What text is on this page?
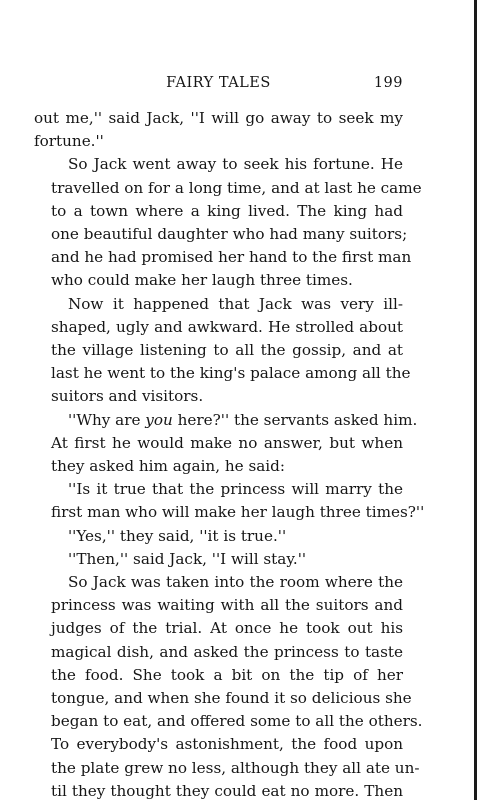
FAIRY TALES	199
out me,'' said Jack, ''I will go away to seek my
fortune.''
So Jack went away to seek his fortune. He
travelled on for a long time, and at last he came
to a town where a king lived. The king had
one beautiful daughter who had many suitors;
and he had promised her hand to the first man
who could make her laugh three times.
Now it happened that Jack was very ill-
shaped, ugly and awkward. He strolled about
the village listening to all the gossip, and at
last he went to the king's palace among all the
suitors and visitors.
''Why are you here?'' the servants asked him.
At first he would make no answer, but when
they asked him again, he said:
''Is it true that the princess will marry the
first man who will make her laugh three times?''
''Yes,'' they said, ''it is true.''
''Then,'' said Jack, ''I will stay.''
So Jack was taken into the room where the
princess was waiting with all the suitors and
judges of the trial. At once he took out his
magical dish, and asked the princess to taste
the food. She took a bit on the tip of her
tongue, and when she found it so delicious she
began to eat, and offered some to all the others.
To everybody's astonishment, the food upon
the plate grew no less, although they all ate un-
til they thought they could eat no more. Then
